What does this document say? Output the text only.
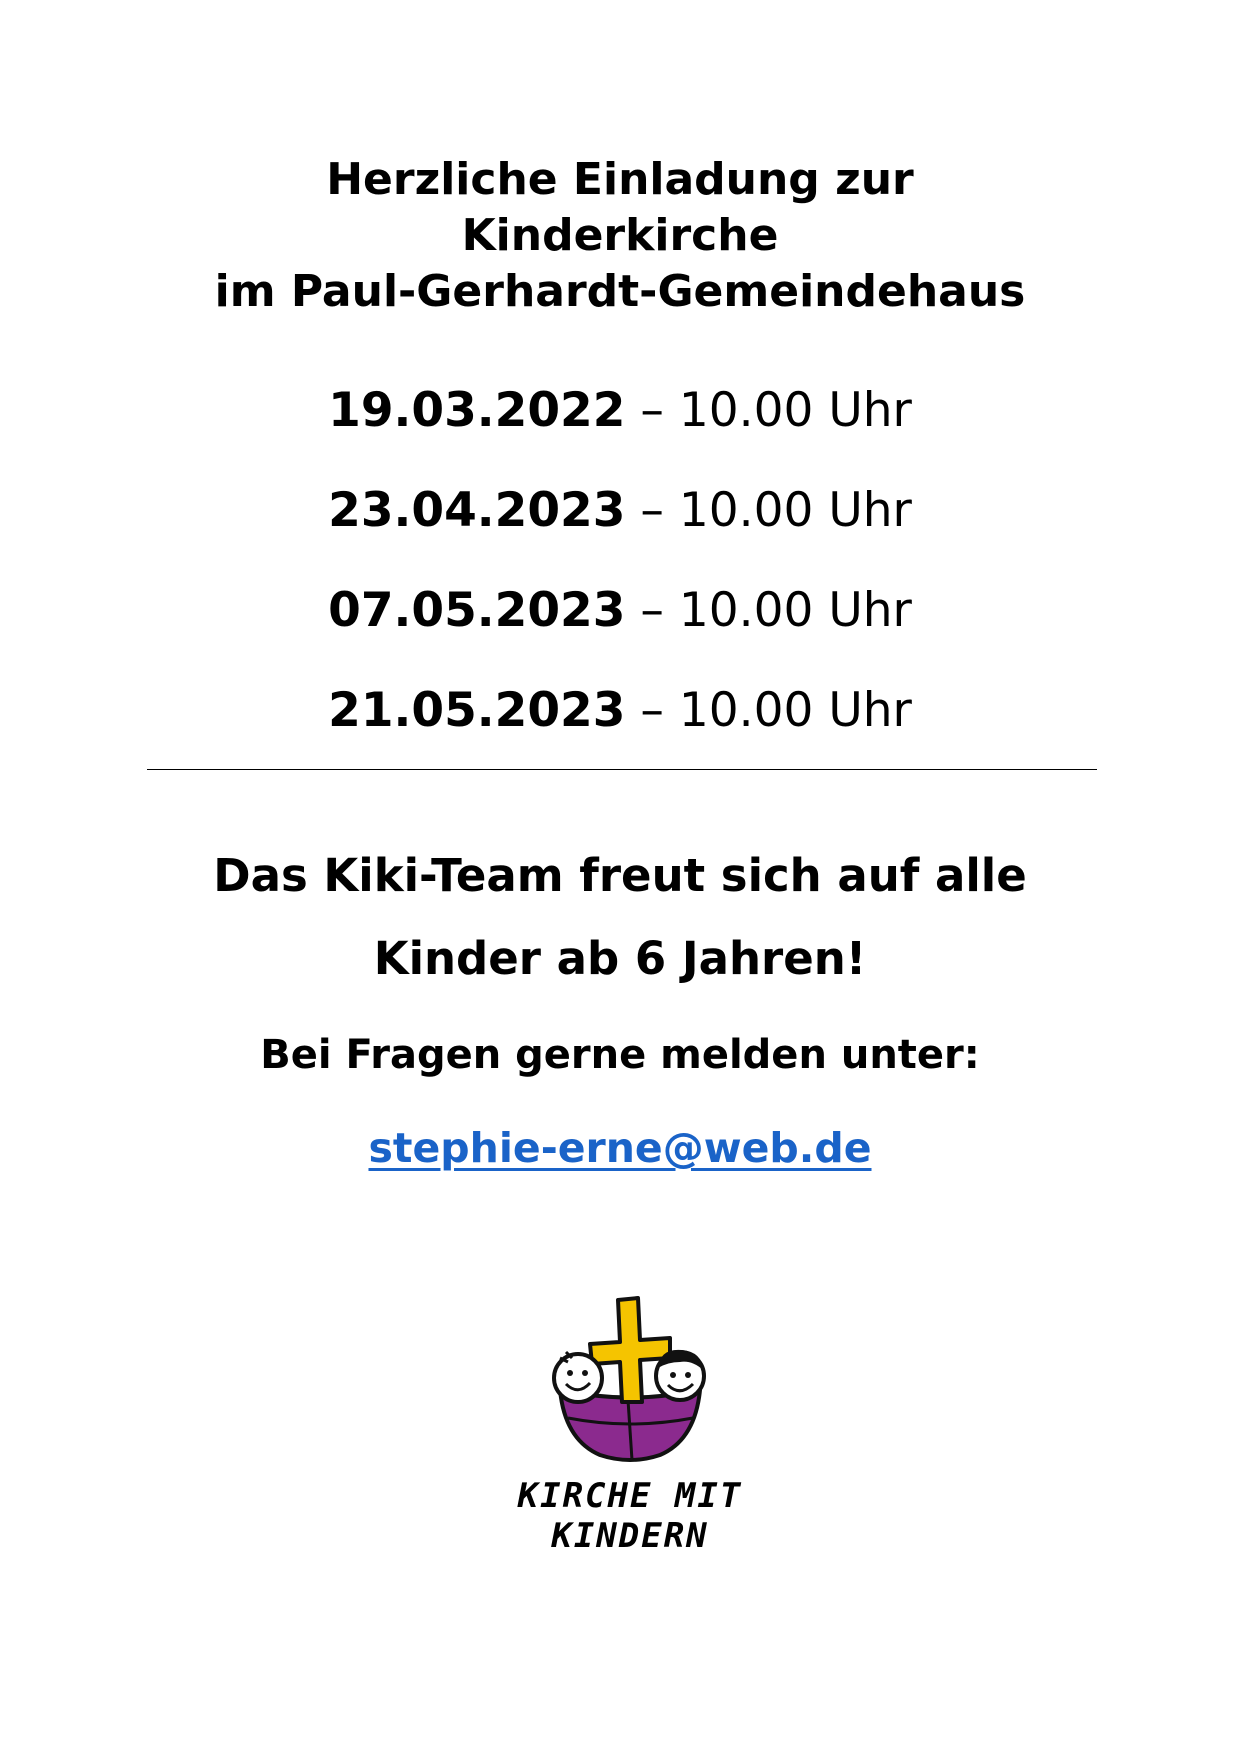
Herzliche Einladung zur
Kinderkirche
im Paul-Gerhardt-Gemeindehaus
19.03.2022 – 10.00 Uhr
23.04.2023 – 10.00 Uhr
07.05.2023 – 10.00 Uhr
21.05.2023 – 10.00 Uhr
Das Kiki-Team freut sich auf alle
Kinder ab 6 Jahren!
Bei Fragen gerne melden unter:
stephie-erne@web.de
KIRCHE MIT
KINDERN
